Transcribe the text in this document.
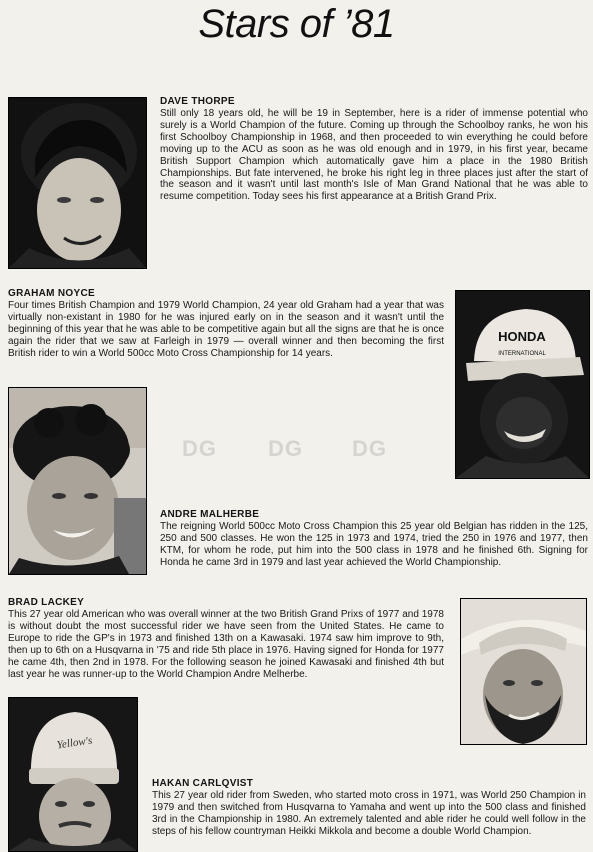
Stars of ’81
DG DG DG

DAVE THORPE

Still only 18 years old, he will be 19 in September, here is a rider of immense potential who surely is a World Champion of the future. Coming up through the Schoolboy ranks, he won his first Schoolboy Championship in 1968, and then proceeded to win everything he could before moving up to the ACU as soon as he was old enough and in 1979, in his first year, became British Support Champion which automatically gave him a place in the 1980 British Championships. But fate intervened, he broke his right leg in three places just after the start of the season and it wasn't until last month's Isle of Man Grand National that he was able to resume competition. Today sees his first appearance at a British Grand Prix.

GRAHAM NOYCE

Four times British Champion and 1979 World Champion, 24 year old Graham had a year that was virtually non-existant in 1980 for he was injured early on in the season and it wasn't until the beginning of this year that he was able to be competitive again but all the signs are that he is once again the rider that we saw at Farleigh in 1979 — overall winner and then becoming the first British rider to win a World 500cc Moto Cross Championship for 14 years.

HONDA
INTERNATIONAL

ANDRE MALHERBE

The reigning World 500cc Moto Cross Champion this 25 year old Belgian has ridden in the 125, 250 and 500 classes. He won the 125 in 1973 and 1974, tried the 250 in 1976 and 1977, then KTM, for whom he rode, put him into the 500 class in 1978 and he finished 6th. Signing for Honda he came 3rd in 1979 and last year achieved the World Championship.

BRAD LACKEY

This 27 year old American who was overall winner at the two British Grand Prixs of 1977 and 1978 is without doubt the most successful rider we have seen from the United States. He came to Europe to ride the GP's in 1973 and finished 13th on a Kawasaki. 1974 saw him improve to 9th, then up to 6th on a Husqvarna in '75 and ride 5th place in 1976. Having signed for Honda for 1977 he came 4th, then 2nd in 1978. For the following season he joined Kawasaki and finished 4th but last year he was runner-up to the World Champion Andre Melherbe.

Yellow's

HAKAN CARLQVIST

This 27 year old rider from Sweden, who started moto cross in 1971, was World 250 Champion in 1979 and then switched from Husqvarna to Yamaha and went up into the 500 class and finished 3rd in the Championship in 1980. An extremely talented and able rider he could well follow in the steps of his fellow countryman Heikki Mikkola and become a double World Champion.
